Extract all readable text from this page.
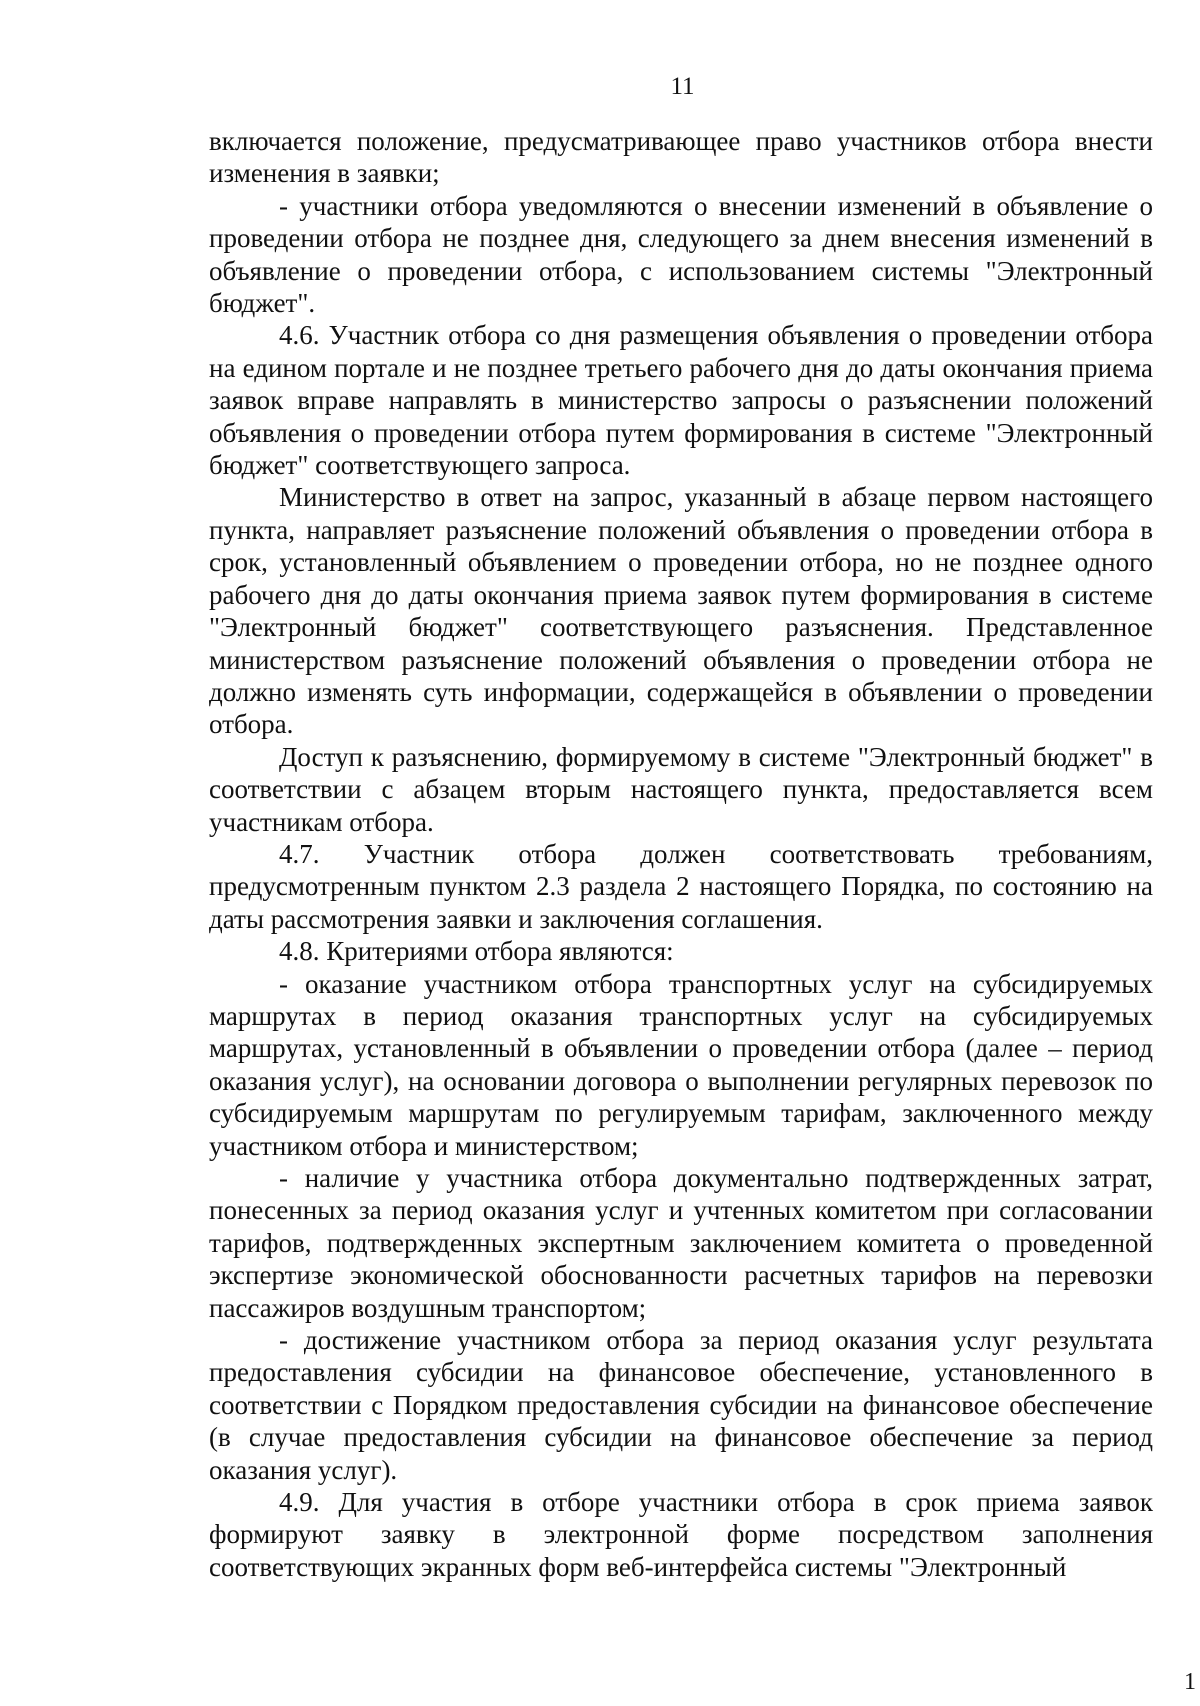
11

включается положение, предусматривающее право участников отбора внести изменения в заявки;

- участники отбора уведомляются о внесении изменений в объявление о проведении отбора не позднее дня, следующего за днем внесения изменений в объявление о проведении отбора, с использованием системы "Электронный бюджет".

4.6. Участник отбора со дня размещения объявления о проведении отбора на едином портале и не позднее третьего рабочего дня до даты окончания приема заявок вправе направлять в министерство запросы о разъяснении положений объявления о проведении отбора путем формирования в системе "Электронный бюджет" соответствующего запроса.

Министерство в ответ на запрос, указанный в абзаце первом настоящего пункта, направляет разъяснение положений объявления о проведении отбора в срок, установленный объявлением о проведении отбора, но не позднее одного рабочего дня до даты окончания приема заявок путем формирования в системе "Электронный бюджет" соответствующего разъяснения. Представленное министерством разъяснение положений объявления о проведении отбора не должно изменять суть информации, содержащейся в объявлении о проведении отбора.

Доступ к разъяснению, формируемому в системе "Электронный бюджет" в соответствии с абзацем вторым настоящего пункта, предоставляется всем участникам отбора.

4.7. Участник отбора должен соответствовать требованиям, предусмотренным пунктом 2.3 раздела 2 настоящего Порядка, по состоянию на даты рассмотрения заявки и заключения соглашения.

4.8. Критериями отбора являются:

- оказание участником отбора транспортных услуг на субсидируемых маршрутах в период оказания транспортных услуг на субсидируемых маршрутах, установленный в объявлении о проведении отбора (далее – период оказания услуг), на основании договора о выполнении регулярных перевозок по субсидируемым маршрутам по регулируемым тарифам, заключенного между участником отбора и министерством;

- наличие у участника отбора документально подтвержденных затрат, понесенных за период оказания услуг и учтенных комитетом при согласовании тарифов, подтвержденных экспертным заключением комитета о проведенной экспертизе экономической обоснованности расчетных тарифов на перевозки пассажиров воздушным транспортом;

- достижение участником отбора за период оказания услуг результата предоставления субсидии на финансовое обеспечение, установленного в соответствии с Порядком предоставления субсидии на финансовое обеспечение (в случае предоставления субсидии на финансовое обеспечение за период оказания услуг).

4.9. Для участия в отборе участники отбора в срок приема заявок формируют заявку в электронной форме посредством заполнения соответствующих экранных форм веб-интерфейса системы "Электронный

1
